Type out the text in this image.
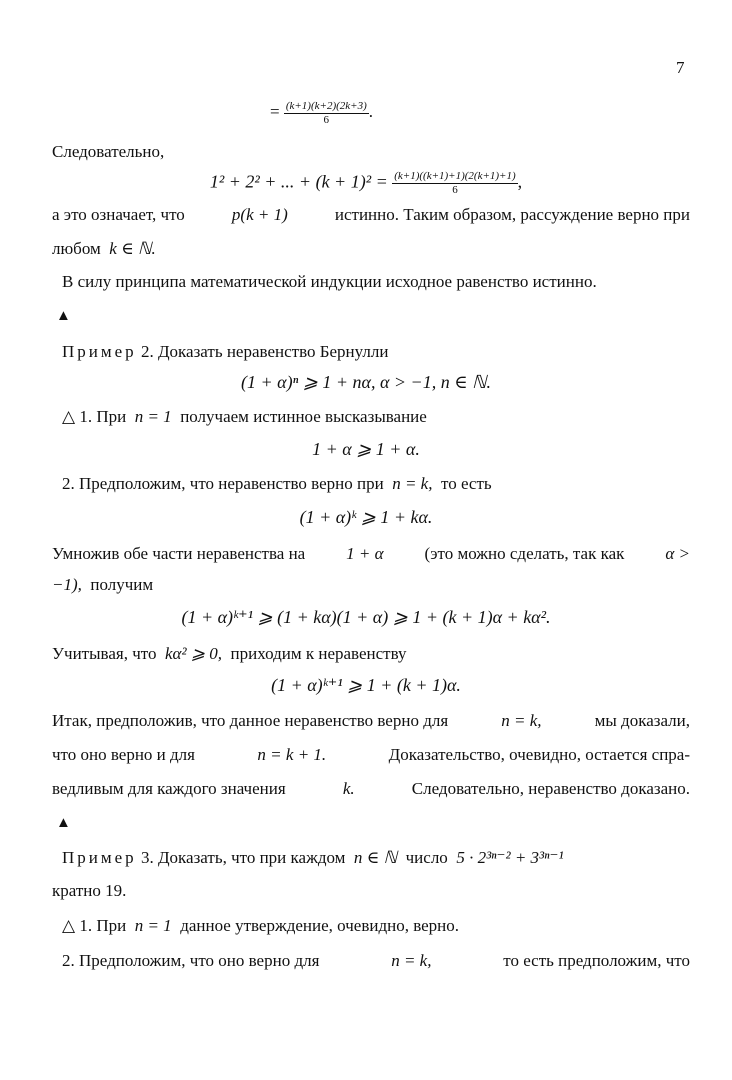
7
= $\frac{(k+1)(k+2)(2k+3)}{6}$ .
Следовательно,
1² + 2² + ... + $(k + 1)^2 = \frac{(k+1)((k+1)+1)(2(k+1)+1)}{6}$ ,
а это означает, что	p(k + 1)	истинно. Таким образом, рассуждение верно при
любом k ∈ ℕ.
В силу принципа математической индукции исходное равенство истинно.
▲
Пример 2. Доказать неравенство Бернулли
(1 + α)ⁿ ⩾ 1 + nα, α > −1, n ∈ ℕ.
△ 1. При n = 1 получаем истинное высказывание
1 + α ⩾ 1 + α.
2. Предположим, что неравенство верно при n = k, то есть
(1 + α)ᵏ ⩾ 1 + kα.
Умножив обе части неравенства на 1 + α (это можно сделать, так как α >
−1), получим
(1 + α)ᵏ⁺¹ ⩾ (1 + kα)(1 + α) ⩾ 1 + (k + 1)α + kα².
Учитывая, что kα² ⩾ 0, приходим к неравенству
(1 + α)ᵏ⁺¹ ⩾ 1 + (k + 1)α.
Итак, предположив, что данное неравенство верно для	n = k,	мы доказали,
что оно верно и для	n = k + 1.	Доказательство, очевидно, остается спра-
ведливым для каждого значения	k.	Следовательно, неравенство доказано.
▲
Пример 3. Доказать, что при каждом n ∈ ℕ число 5 · 2³ⁿ⁻² + 3³ⁿ⁻¹
кратно 19.
△ 1. При n = 1 данное утверждение, очевидно, верно.
2. Предположим, что оно верно для	n = k,	то есть предположим, что
